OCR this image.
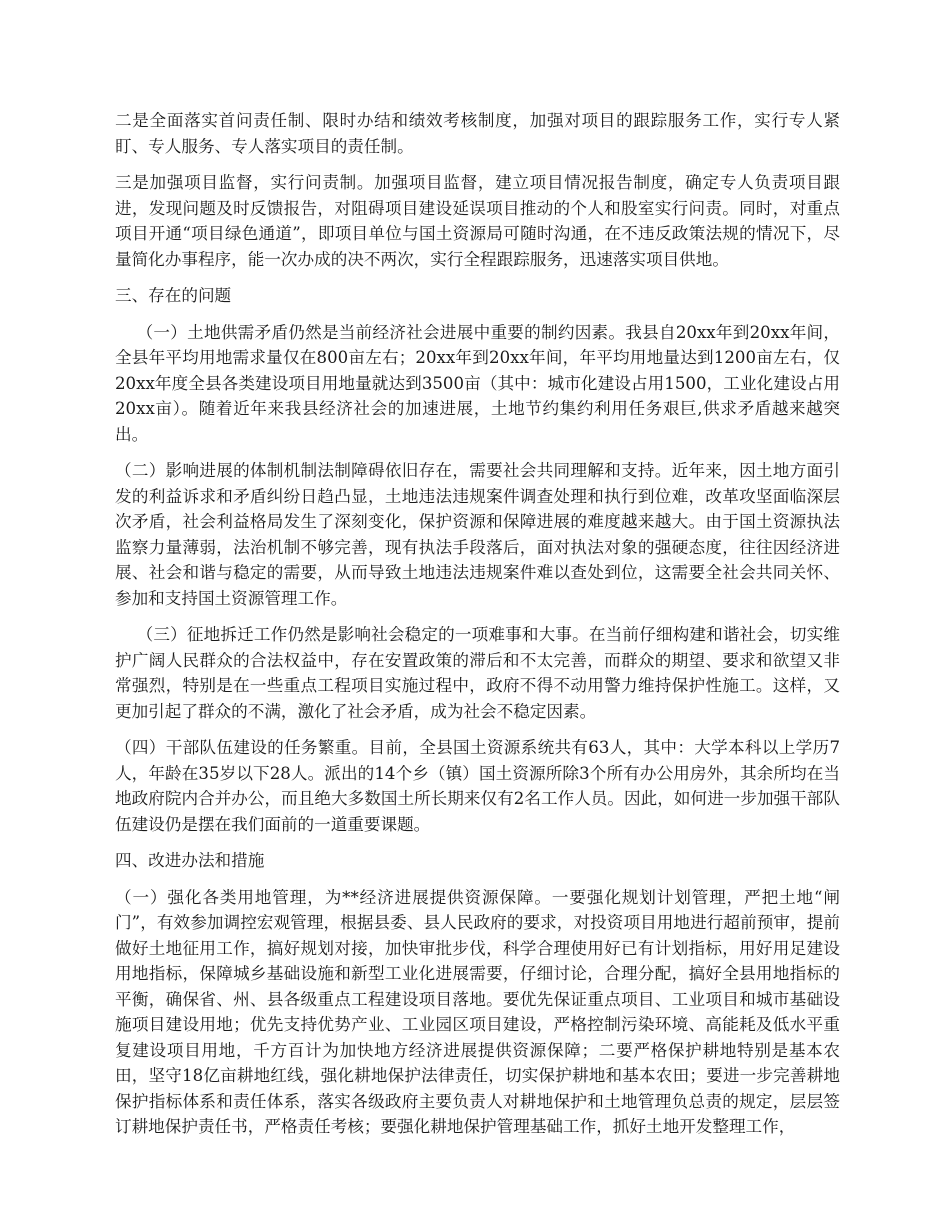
二是全面落实首问责任制、限时办结和绩效考核制度，加强对项目的跟踪服务工作，实行专人紧盯、专人服务、专人落实项目的责任制。

三是加强项目监督，实行问责制。加强项目监督，建立项目情况报告制度，确定专人负责项目跟进，发现问题及时反馈报告，对阻碍项目建设延误项目推动的个人和股室实行问责。同时，对重点项目开通“项目绿色通道”，即项目单位与国土资源局可随时沟通，在不违反政策法规的情况下，尽量简化办事程序，能一次办成的决不两次，实行全程跟踪服务，迅速落实项目供地。

三、存在的问题

（一）土地供需矛盾仍然是当前经济社会进展中重要的制约因素。我县自20xx年到20xx年间，全县年平均用地需求量仅在800亩左右；20xx年到20xx年间，年平均用地量达到1200亩左右，仅20xx年度全县各类建设项目用地量就达到3500亩（其中：城市化建设占用1500，工业化建设占用20xx亩）。随着近年来我县经济社会的加速进展，土地节约集约利用任务艰巨,供求矛盾越来越突出。

（二）影响进展的体制机制法制障碍依旧存在，需要社会共同理解和支持。近年来，因土地方面引发的利益诉求和矛盾纠纷日趋凸显，土地违法违规案件调查处理和执行到位难，改革攻坚面临深层次矛盾，社会利益格局发生了深刻变化，保护资源和保障进展的难度越来越大。由于国土资源执法监察力量薄弱，法治机制不够完善，现有执法手段落后，面对执法对象的强硬态度，往往因经济进展、社会和谐与稳定的需要，从而导致土地违法违规案件难以查处到位，这需要全社会共同关怀、参加和支持国土资源管理工作。

（三）征地拆迁工作仍然是影响社会稳定的一项难事和大事。在当前仔细构建和谐社会，切实维护广阔人民群众的合法权益中，存在安置政策的滞后和不太完善，而群众的期望、要求和欲望又非常强烈，特别是在一些重点工程项目实施过程中，政府不得不动用警力维持保护性施工。这样，又更加引起了群众的不满，激化了社会矛盾，成为社会不稳定因素。

（四）干部队伍建设的任务繁重。目前，全县国土资源系统共有63人，其中：大学本科以上学历7人，年龄在35岁以下28人。派出的14个乡（镇）国土资源所除3个所有办公用房外，其余所均在当地政府院内合并办公，而且绝大多数国土所长期来仅有2名工作人员。因此，如何进一步加强干部队伍建设仍是摆在我们面前的一道重要课题。

四、改进办法和措施

（一）强化各类用地管理，为**经济进展提供资源保障。一要强化规划计划管理，严把土地“闸门”，有效参加调控宏观管理，根据县委、县人民政府的要求，对投资项目用地进行超前预审，提前做好土地征用工作，搞好规划对接，加快审批步伐，科学合理使用好已有计划指标，用好用足建设用地指标，保障城乡基础设施和新型工业化进展需要，仔细讨论，合理分配，搞好全县用地指标的平衡，确保省、州、县各级重点工程建设项目落地。要优先保证重点项目、工业项目和城市基础设施项目建设用地；优先支持优势产业、工业园区项目建设，严格控制污染环境、高能耗及低水平重复建设项目用地，千方百计为加快地方经济进展提供资源保障；二要严格保护耕地特别是基本农田，坚守18亿亩耕地红线，强化耕地保护法律责任，切实保护耕地和基本农田；要进一步完善耕地保护指标体系和责任体系，落实各级政府主要负责人对耕地保护和土地管理负总责的规定，层层签订耕地保护责任书，严格责任考核；要强化耕地保护管理基础工作，抓好土地开发整理工作，
